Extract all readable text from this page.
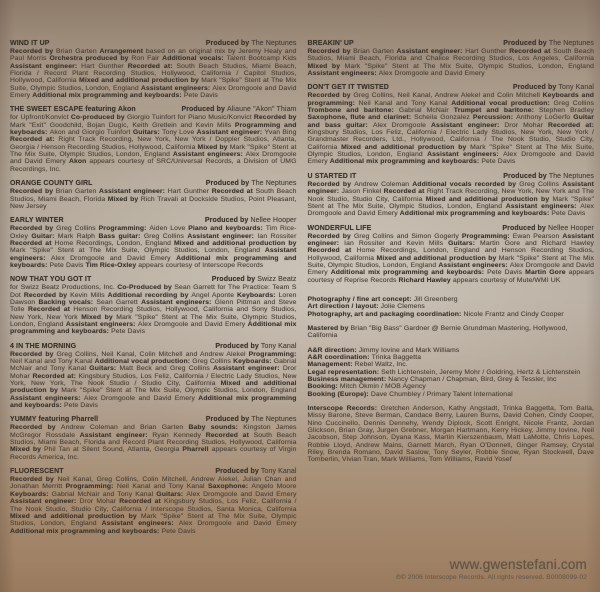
WIND IT UP	Produced by The Neptunes

Recorded by Brian Garten Arrangement based on an original mix by Jeremy Healy and Paul Morris Orchestra produced by Ron Fair Additional vocals: Talent Bootcamp Kids Assistant engineer: Hart Gunther Recorded at: South Beach Studios, Miami Beach, Florida / Record Plant Recording Studios, Hollywood, California / Capitol Studios, Hollywood, California Mixed and additional production by Mark "Spike" Stent at The Mix Suite, Olympic Studios, London, England Assistant engineers: Alex Dromgoole and David Emery Additional mix programming and keyboards: Pete Davis

THE SWEET ESCAPE featuring Akon	Produced by Aliaune "Akon" Thiam

for Upfront/Konvict Co-produced by Giorgio Tuinfort for Piano Music/Konvict Recorded by Mark "Exit" Goodchild, Bojan Dugic, Keith Gretlein and Kevin Mills Programming and keyboards: Akon and Giorgio Tuinfort Guitars: Tony Love Assistant engineer: Yvan Bing Recorded at: Right Track Recording, New York, New York / Doppler Studios, Atlanta, Georgia / Henson Recording Studios, Hollywood, California Mixed by Mark "Spike" Stent at The Mix Suite, Olympic Studios, London, England Assistant engineers: Alex Dromgoole and David Emery Akon appears courtesy of SRC/Universal Records, a Division of UMG Recordings, Inc.

ORANGE COUNTY GIRL	Produced by The Neptunes

Recorded by Brian Garten Assistant engineer: Hart Gunther Recorded at South Beach Studios, Miami Beach, Florida Mixed by Rich Travali at Dockside Studios, Point Pleasant, New Jersey

EARLY WINTER	Produced by Nellee Hooper

Recorded by Greg Collins Programming: Aiden Love Piano and keyboards: Tim Rice-Oxley Guitar: Mark Ralph Bass guitar: Greg Collins Assistant engineer: Ian Rossiter Recorded at Home Recordings, London, England Mixed and additional production by Mark "Spike" Stent at The Mix Suite, Olympic Studios, London, England Assistant engineers: Alex Dromgoole and David Emery Additional mix programming and keyboards: Pete Davis Tim Rice-Oxley appears courtesy of Interscope Records

NOW THAT YOU GOT IT	Produced by Swizz Beatz

for Swizz Beatz Productions, Inc. Co-Produced by Sean Garrett for The Practice: Team S Dot Recorded by Kevin Mills Additional recording by Angel Aponte Keyboards: Loren Dawson Backing vocals: Sean Garrett Assistant engineers: Glenn Pittman and Steve Tolle Recorded at Henson Recording Studios, Hollywood, California and Sony Studios, New York, New York Mixed by Mark "Spike" Stent at The Mix Suite, Olympic Studios, London, England Assistant engineers: Alex Dromgoole and David Emery Additional mix programming and keyboards: Pete Davis

4 IN THE MORNING	Produced by Tony Kanal

Recorded by Greg Collins, Neil Kanal, Colin Mitchell and Andrew Alekel Programming: Neil Kanal and Tony Kanal Additional vocal production: Greg Collins Keyboards: Gabrial McNair and Tony Kanal Guitars: Matt Beck and Greg Collins Assistant engineer: Dror Mohar Recorded at: Kingsbury Studios, Los Feliz, California / Electric Lady Studios, New York, New York, The Nook Studio / Studio City, California Mixed and additional production by Mark "Spike" Stent at The Mix Suite, Olympic Studios, London, England Assistant engineers: Alex Dromgoole and David Emery Additional mix programming and keyboards: Pete Davis

YUMMY featuring Pharrell	Produced by The Neptunes

Recorded by Andrew Coleman and Brian Garten Baby sounds: Kingston James McGregor Rossdale Assistant engineer: Ryan Kennedy Recorded at South Beach Studios, Miami Beach, Florida and Record Plant Recording Studios, Hollywood, California Mixed by Phil Tan at Silent Sound, Atlanta, Georgia Pharrell appears courtesy of Virgin Records America, Inc.

FLUORESCENT	Produced by Tony Kanal

Recorded by Neil Kanal, Greg Collins, Colin Mitchell, Andrew Alekel, Julian Chan and Jonathan Merritt Programming: Neil Kanal and Tony Kanal Saxophone: Angelo Moore Keyboards: Gabrial McNair and Tony Kanal Guitars: Alex Dromgoole and David Emery Assistant engineer: Dror Mohar Recorded at Kingsbury Studios, Los Feliz, California / The Nook Studio, Studio City, California / Interscope Studios, Santa Monica, California Mixed and additional production by Mark "Spike" Stent at The Mix Suite, Olympic Studios, London, England Assistant engineers: Alex Dromgoole and David Emery Additional mix programming and keyboards: Pete Davis

BREAKIN' UP	Produced by The Neptunes

Recorded by Brian Garten Assistant engineer: Hart Gunther Recorded at South Beach Studios, Miami Beach, Florida and Chalice Recording Studios, Los Angeles, California Mixed by Mark "Spike" Stent at The Mix Suite, Olympic Studios, London, England Assistant engineers: Alex Dromgoole and David Emery

DON'T GET IT TWISTED	Produced by Tony Kanal

Recorded by Greg Collins, Neil Kanal, Andrew Alekel and Colin Mitchell Keyboards and programming: Neil Kanal and Tony Kanal Additional vocal production: Greg Collins Trombone and baritone: Gabrial McNair Trumpet and baritone: Stephen Bradley Saxophone, flute and clarinet: Scheila Gonzalez Percussion: Anthony LoGerfo Guitar and bass guitar: Alex Dromgoole Assistant engineer: Dror Mohar Recorded at: Kingsbury Studios, Los Feliz, California / Electric Lady Studios, New York, New York / Grandmaster Recorders, Ltd., Hollywood, California / The Nook Studio, Studio City, California Mixed and additional production by Mark "Spike" Stent at The Mix Suite, Olympic Studios, London, England Assistant engineers: Alex Dromgoole and David Emery Additional mix programming and keyboards: Pete Davis

U STARTED IT	Produced by The Neptunes

Recorded by Andrew Coleman Additional vocals recorded by Greg Collins Assistant engineer: Jason Finkel Recorded at Right Track Recording, New York, New York and The Nook Studio, Studio City, California Mixed and additional production by Mark "Spike" Stent at The Mix Suite, Olympic Studios, London, England Assistant engineers: Alex Dromgoole and David Emery Additional mix programming and keyboards: Pete Davis

WONDERFUL LIFE	Produced by Nellee Hooper

Recorded by Greg Collins and Simon Gogerly Programming: Ewan Pearson Assistant engineer: Ian Rossiter and Kevin Mills Guitars: Martin Gore and Richard Hawley Recorded at Home Recordings, London, England and Henson Recording Studios, Hollywood, California Mixed and additional production by Mark "Spike" Stent at The Mix Suite, Olympic Studios, London, England Assistant engineers: Alex Dromgoole and David Emery Additional mix programming and keyboards: Pete Davis Martin Gore appears courtesy of Reprise Records Richard Hawley appears courtesy of Mute/WMI UK

Photography / fine art concept: Jill Greenberg

Art direction / layout: Jolie Clemens

Photography, art and packaging coordination: Nicole Frantz and Cindy Cooper

Mastered by Brian "Big Bass" Gardner @ Bernie Grundman Mastering, Hollywood, California

A&R direction: Jimmy Iovine and Mark Williams

A&R coordination: Trinka Baggetta

Management: Rebel Waltz, Inc.

Legal representation: Seth Lichtenstein, Jeremy Mohr / Goldring, Hertz & Lichtenstein

Business management: Nancy Chapman / Chapman, Bird, Grey & Tessler, Inc

Booking: Mitch Okmin / MOB Agency

Booking (Europe): Dave Chumbley / Primary Talent International

Interscope Records: Gretchen Anderson, Kathy Angstadt, Trinka Baggetta, Tom Balla, Missy Barone, Steve Berman, Candace Berry, Lauren Burns, David Cohen, Cindy Cooper, Nino Cuccinello, Dennis Dennehy, Wendy Diplock, Scott Enright, Nicole Frantz, Jordan Glickson, Brian Gray, Jurgen Grebner, Morgan Hartmann, Kerry Hickey, Jimmy Iovine, Neil Jacobson, Step Johnson, Dyana Kass, Martin Kierszenbaum, Matt LaMotte, Chris Lopes, Robbie Lloyd, Andrew Mains, Garnett March, Ryan O'Donnell, Ginger Ramsey, Crystal Riley, Brenda Romano, David Saslow, Tony Seyler, Robbie Snow, Ryan Stockwell, Dave Tomberlin, Vivian Tran, Mark Williams, Tom Williams, Ravid Yosef

www.gwenstefani.com
℗© 2006 Interscope Records. All rights reserved. B0008099-02
